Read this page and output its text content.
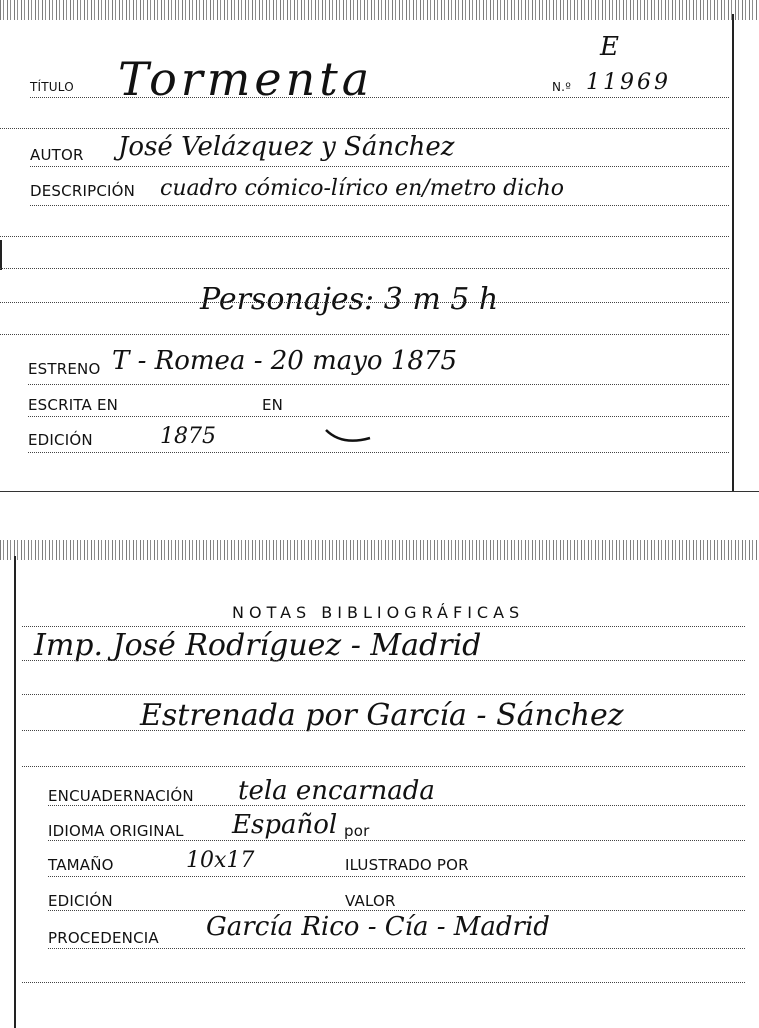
E
TÍTULO Tormenta	N.º 11969
AUTOR José Velázquez y Sánchez
DESCRIPCIÓN cuadro cómico-lírico en/metro dicho
Personajes: 3 m 5 h
ESTRENO T - Romea - 20 mayo 1875
ESCRITA EN	EN
EDICIÓN	1875
NOTAS BIBLIOGRÁFICAS
Imp. José Rodríguez - Madrid
Estrenada por García - Sánchez
ENCUADERNACIÓN tela encarnada
IDIOMA ORIGINAL Español por
TAMAÑO	10x17	ILUSTRADO POR
EDICIÓN	VALOR
PROCEDENCIA García Rico - Cía - Madrid
